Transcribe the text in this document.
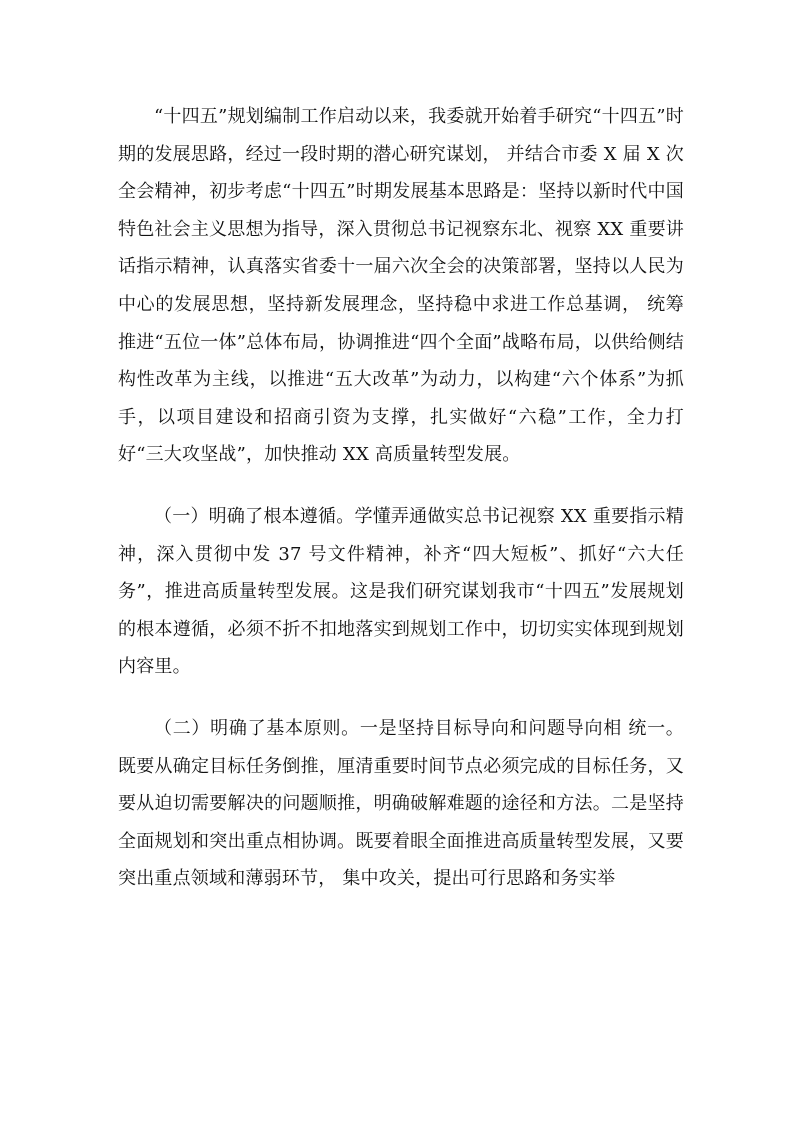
“十四五”规划编制工作启动以来，我委就开始着手研究“十四五”时期的发展思路，经过一段时期的潜心研究谋划， 并结合市委 X 届 X 次全会精神，初步考虑“十四五”时期发展基本思路是：坚持以新时代中国特色社会主义思想为指导，深入贯彻总书记视察东北、视察 XX 重要讲话指示精神，认真落实省委十一届六次全会的决策部署，坚持以人民为中心的发展思想，坚持新发展理念，坚持稳中求进工作总基调， 统筹推进“五位一体”总体布局，协调推进“四个全面”战略布局，以供给侧结构性改革为主线，以推进“五大改革”为动力，以构建“六个体系”为抓手，以项目建设和招商引资为支撑，扎实做好“六稳”工作，全力打好“三大攻坚战”，加快推动 XX 高质量转型发展。

（一）明确了根本遵循。学懂弄通做实总书记视察 XX 重要指示精神，深入贯彻中发 37 号文件精神，补齐“四大短板”、抓好“六大任务”，推进高质量转型发展。这是我们研究谋划我市“十四五”发展规划的根本遵循，必须不折不扣地落实到规划工作中，切切实实体现到规划内容里。

（二）明确了基本原则。一是坚持目标导向和问题导向相 统一。既要从确定目标任务倒推，厘清重要时间节点必须完成的目标任务，又要从迫切需要解决的问题顺推，明确破解难题的途径和方法。二是坚持全面规划和突出重点相协调。既要着眼全面推进高质量转型发展，又要突出重点领域和薄弱环节， 集中攻关，提出可行思路和务实举
